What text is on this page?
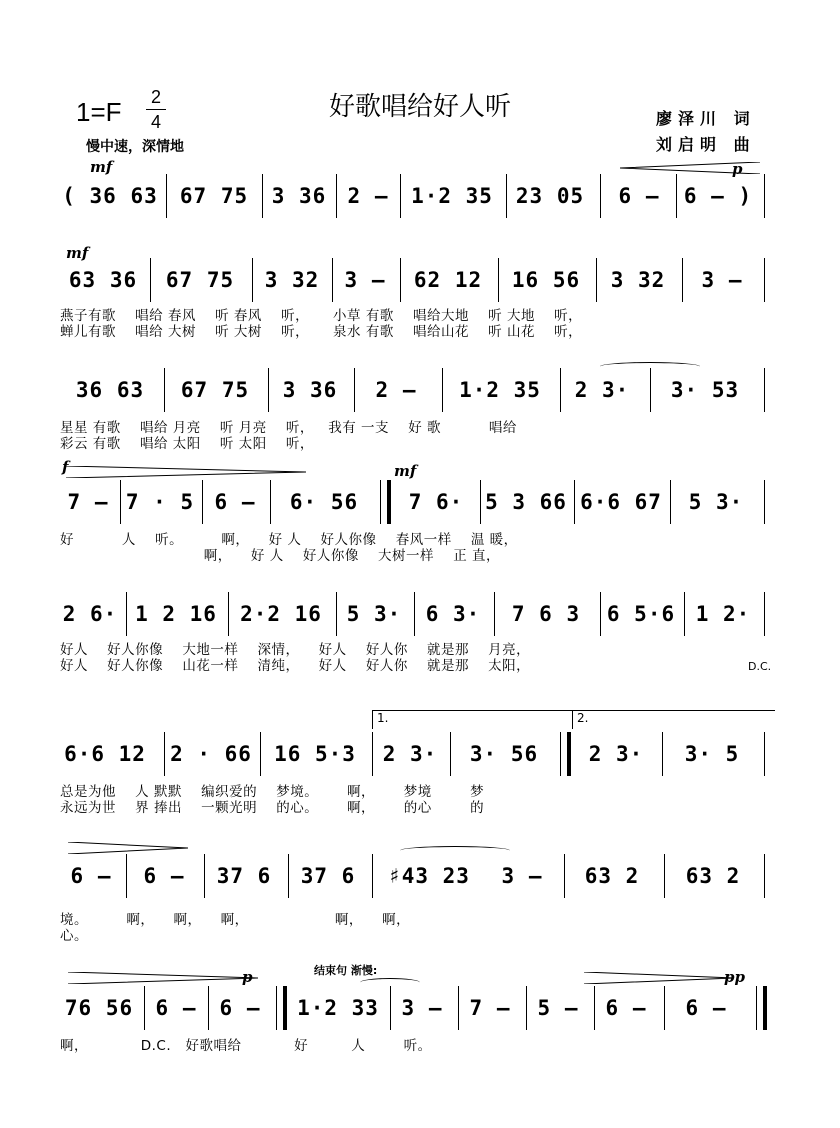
1=F 2
4	好歌唱给好人听	廖泽川 词
刘启明 曲
慢中速，深情地
mf
( 36 63	67 75	3 36	2 –	1·2 35	23 05	6 –	6 – )
p
mf
63 36	67 75	3 32	3 –	62 12	16 56	3 32	3 –
燕子有歌    唱给 春风    听 春风    听，     小草 有歌    唱给大地    听 大地    听，
蝉儿有歌    唱给 大树    听 大树    听，     泉水 有歌    唱给山花    听 山花    听，
36 63	67 75	3 36	2 –	1·2 35	2 3·	3· 53
星星 有歌    唱给 月亮    听 月亮    听，   我有 一支    好 歌          唱给
彩云 有歌    唱给 太阳    听 太阳    听，
f	mf
7 – 7 · 5 6 –	6· 56	7 6·	5 3 66 6·6 67	5 3·
好          人    听。        啊，    好 人    好人你像    春风一样    温 暖，
啊，    好 人    好人你像    大树一样    正 直，
2 6· 1 2 16	2·2 16	5 3·	6 3·	7 6 3	6 5·6 1 2·
好人    好人你像    大地一样    深情，    好人    好人你    就是那    月亮，
好人    好人你像    山花一样    清纯，    好人    好人你    就是那    太阳，	D.C.
1.	2.
6·6 12 2 · 66	16 5·3	2 3·	3· 56	2 3·	3· 5
总是为他    人 默默    编织爱的    梦境。      啊，      梦境        梦
永远为世    界 捧出    一颗光明    的心。      啊，      的心        的
6 –	6 –	37 6	37 6	♯43 23	3 –	63 2	63 2
境。        啊，    啊，    啊，                  啊，    啊，
心。
结束句 渐慢:
p	pp
76 56	6 –	6 –	1·2 33	3 –	7 –	5 –	6 –	6 –
啊，           D.C.   好歌唱给           好         人        听。
